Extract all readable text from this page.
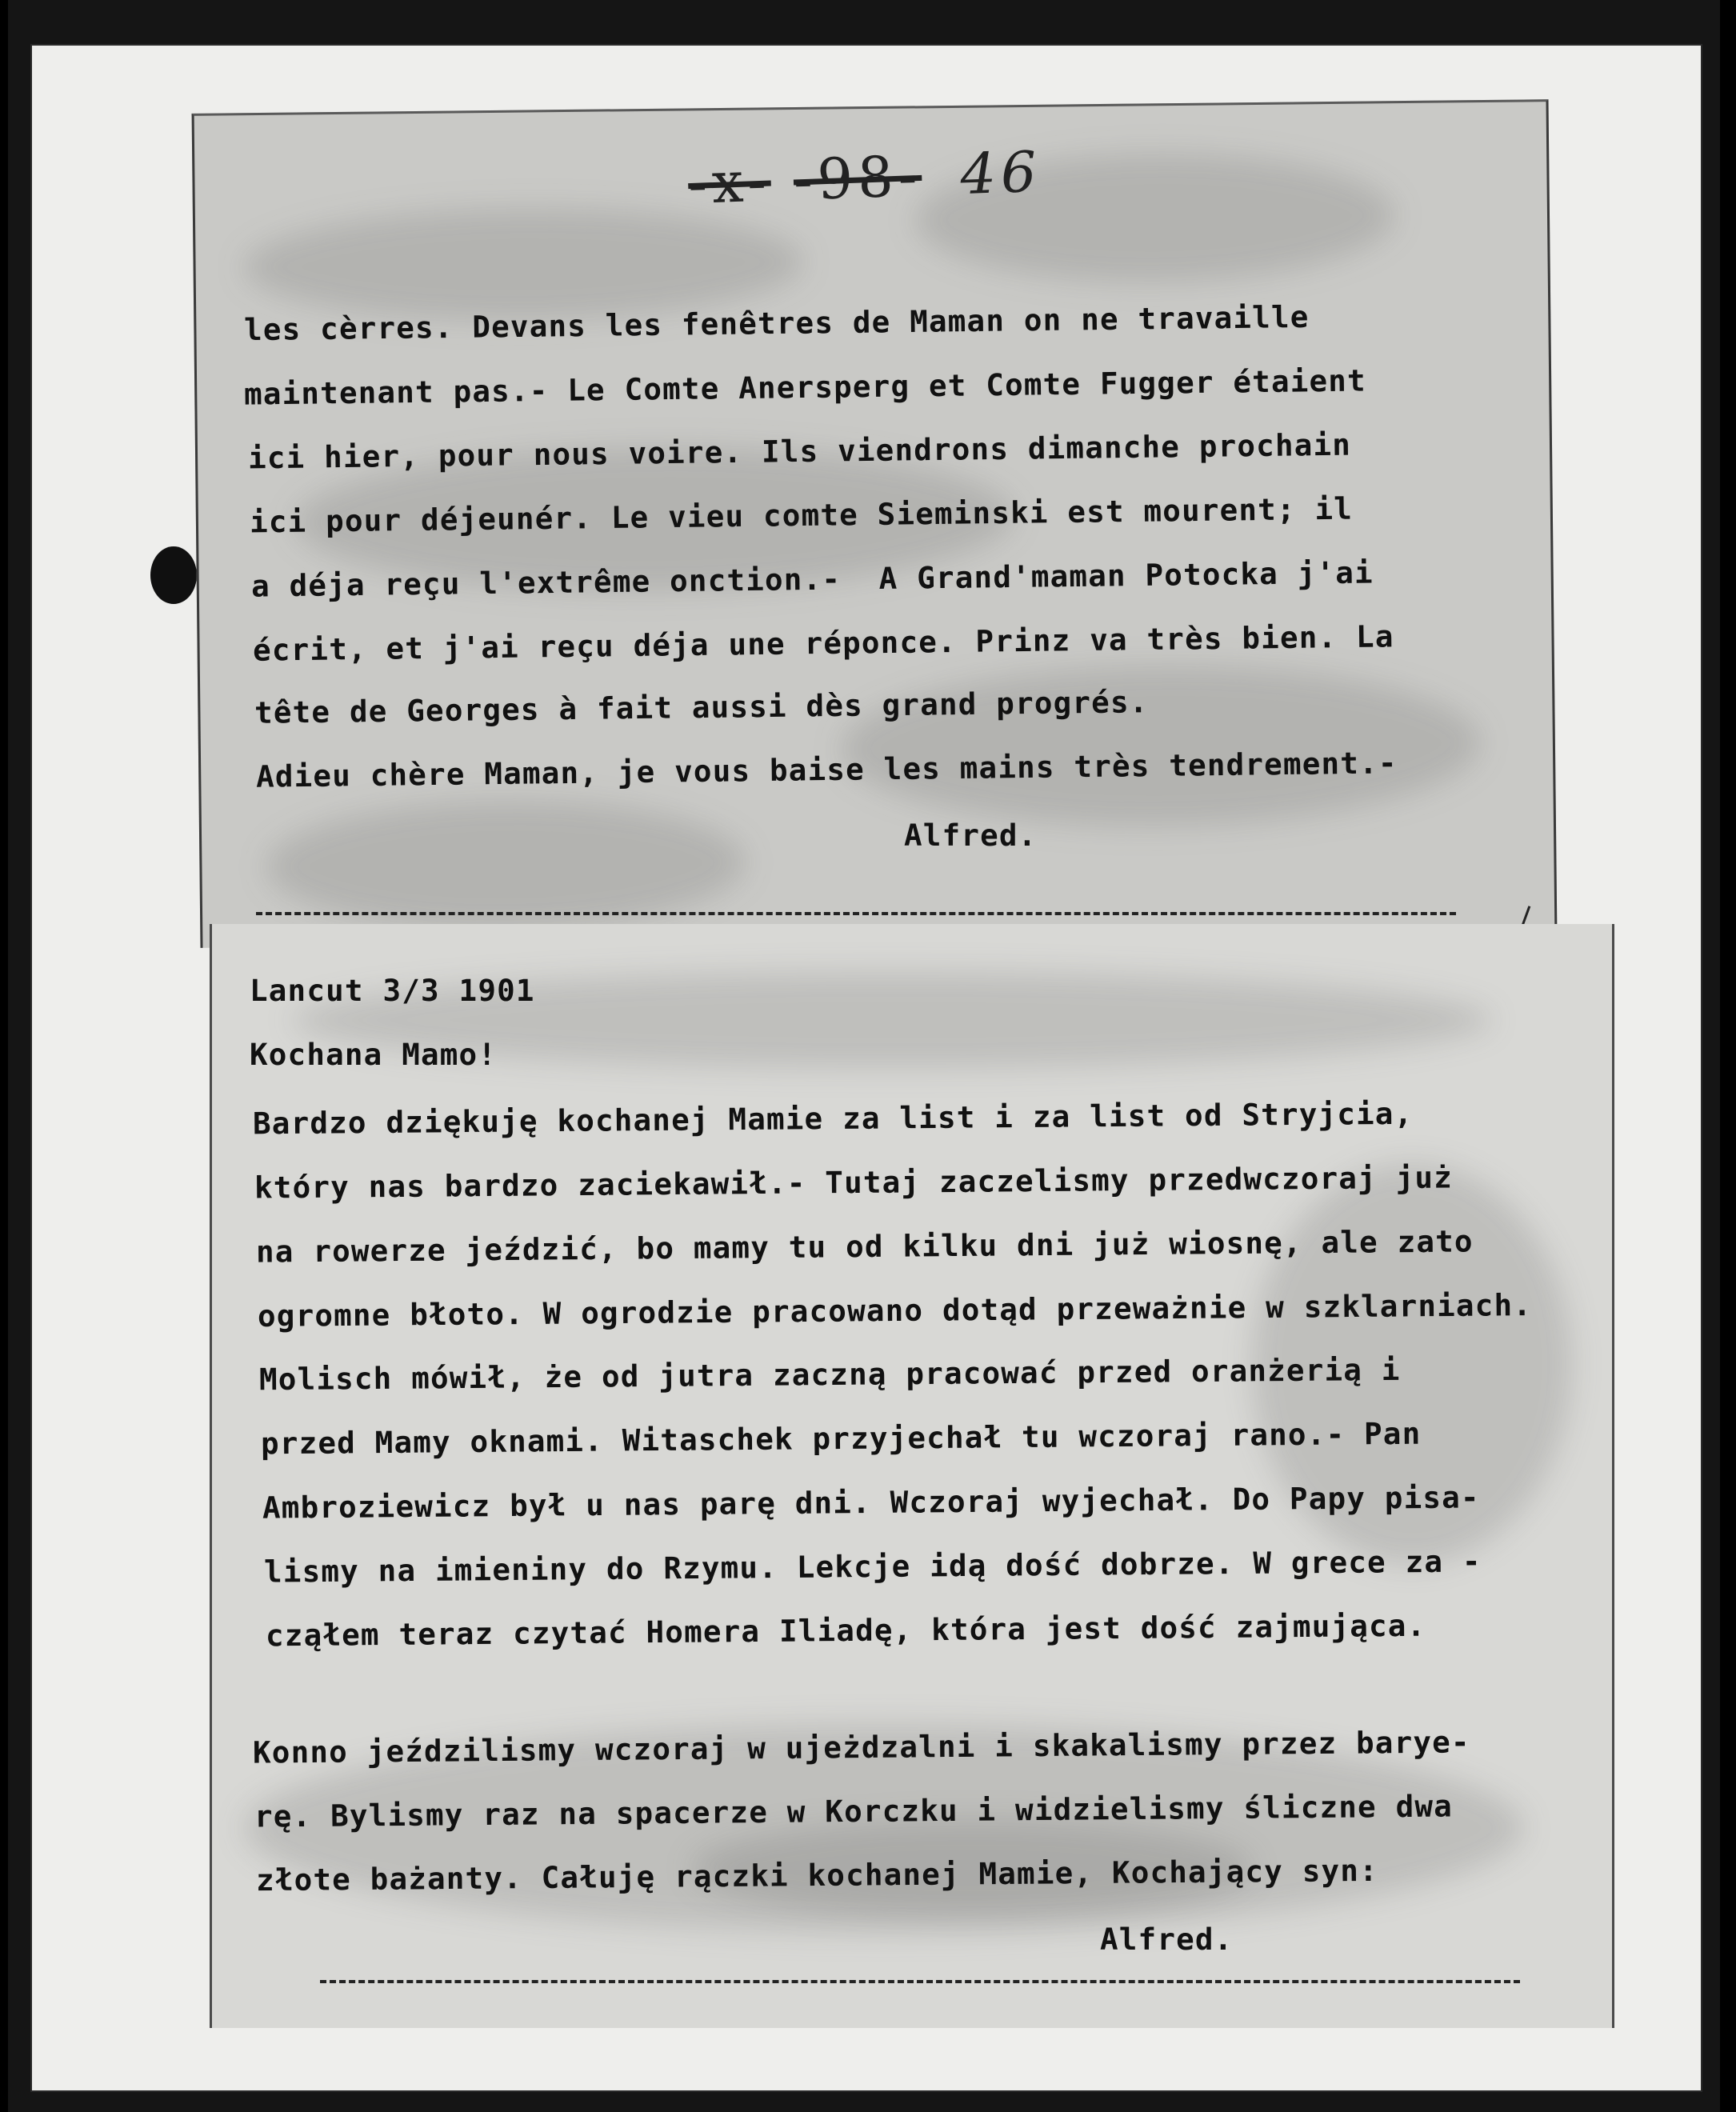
-x- -98- 46
les cèrres. Devans les fenêtres de Maman on ne travaille
maintenant pas.- Le Comte Anersperg et Comte Fugger étaient
ici hier, pour nous voire. Ils viendrons dimanche prochain
ici pour déjeunér. Le vieu comte Sieminski est mourent; il
a déja reçu l'extrême onction.-  A Grand'maman Potocka j'ai
écrit, et j'ai reçu déja une réponce. Prinz va très bien. La
tête de Georges à fait aussi dès grand progrés.
Adieu chère Maman, je vous baise les mains très tendrement.-
Alfred.
Lancut 3/3 1901
Kochana Mamo!
Bardzo dziękuję kochanej Mamie za list i za list od Stryjcia,
który nas bardzo zaciekawił.- Tutaj zaczelismy przedwczoraj już
na rowerze jeździć, bo mamy tu od kilku dni już wiosnę, ale zato
ogromne błoto. W ogrodzie pracowano dotąd przeważnie w szklarniach.
Molisch mówił, że od jutra zaczną pracować przed oranżerią i
przed Mamy oknami. Witaschek przyjechał tu wczoraj rano.- Pan
Ambroziewicz był u nas parę dni. Wczoraj wyjechał. Do Papy pisa-
lismy na imieniny do Rzymu. Lekcje idą dość dobrze. W grece za -
cząłem teraz czytać Homera Iliadę, która jest dość zajmująca.
Konno jeździlismy wczoraj w ujeżdzalni i skakalismy przez barye-
rę. Bylismy raz na spacerze w Korczku i widzielismy śliczne dwa
złote bażanty. Całuję rączki kochanej Mamie, Kochający syn:
Alfred.
